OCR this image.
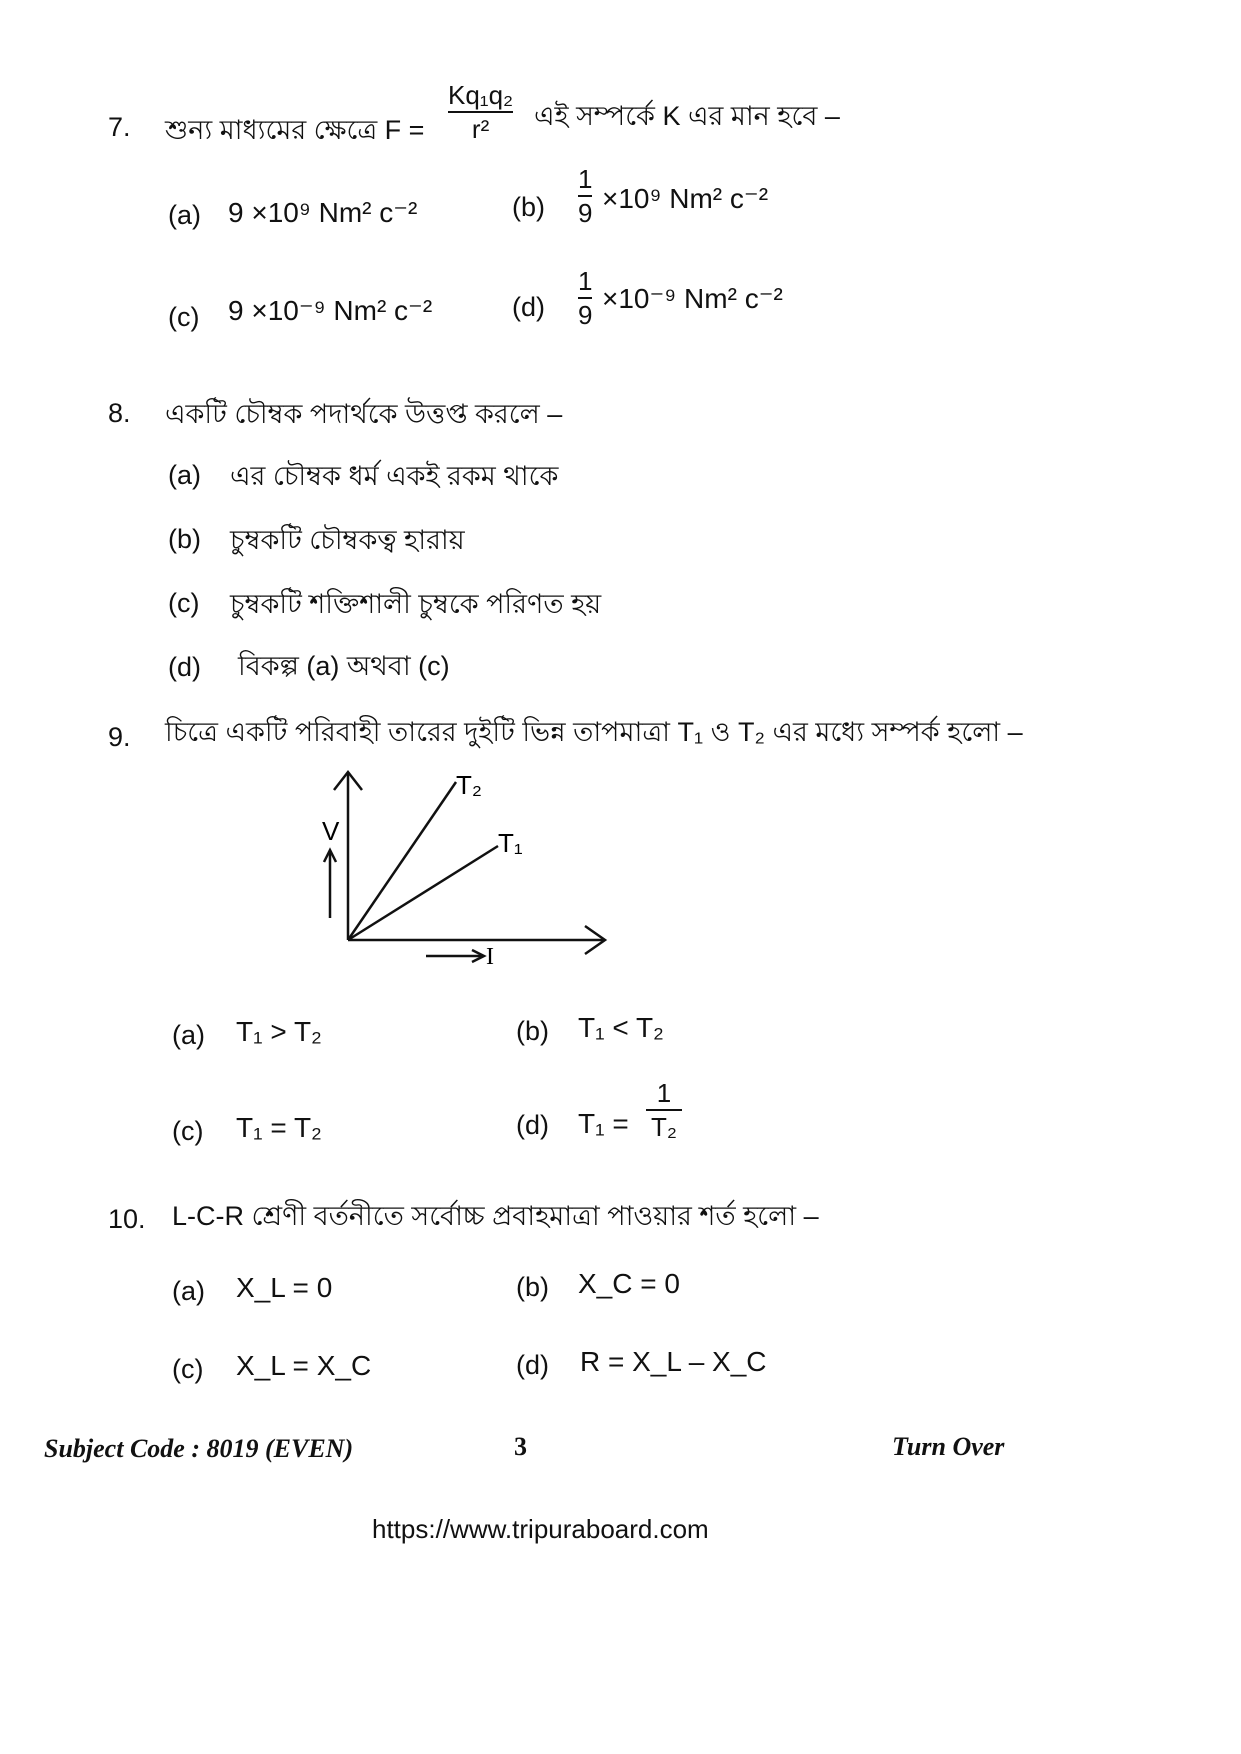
7. শুন্য মাধ্যমের ক্ষেত্রে F =
Kq₁q₂
r² এই সম্পর্কে K এর মান হবে –
(a) 9 ×10⁹ Nm² c⁻²	(b)
1
9 ×10⁹ Nm² c⁻²
(c) 9 ×10⁻⁹ Nm² c⁻²	(d)
1
9
×10⁻⁹ Nm² c⁻²
8. একটি চৌম্বক পদার্থকে উত্তপ্ত করলে –
(a) এর চৌম্বক ধর্ম একই রকম থাকে
(b) চুম্বকটি চৌম্বকত্ব হারায়
(c) চুম্বকটি শক্তিশালী চুম্বকে পরিণত হয়
(d) বিকল্প (a) অথবা (c)
9. চিত্রে একটি পরিবাহী তারের দুইটি ভিন্ন তাপমাত্রা T₁ ও T₂ এর মধ্যে সম্পর্ক হলো –
V
I
T₂
T₁
(a) T₁ > T₂	(b) T₁ < T₂
(c) T₁ = T₂	(d) T₁ =
1
T₂
10. L-C-R শ্রেণী বর্তনীতে সর্বোচ্চ প্রবাহমাত্রা পাওয়ার শর্ত হলো –
(a) X_L = 0	(b) X_C = 0
(c) X_L = X_C	(d) R = X_L – X_C
Subject Code : 8019 (EVEN)	3	Turn Over
https://www.tripuraboard.com
